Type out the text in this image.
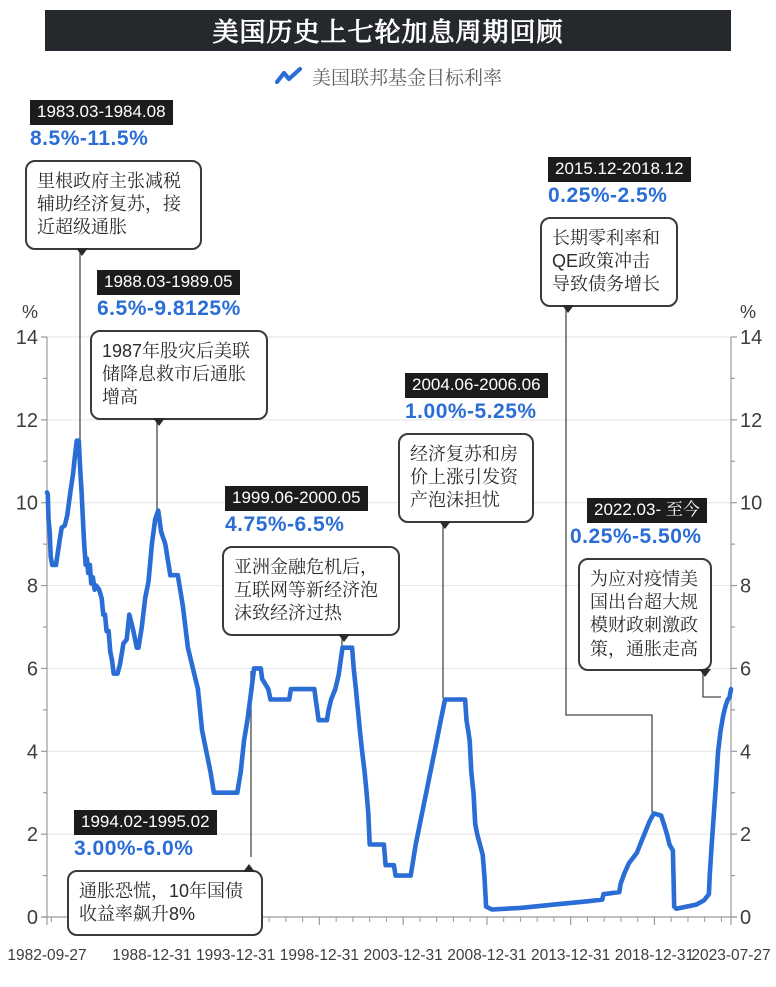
美国历史上七轮加息周期回顾
美国联邦基金目标利率
0	0
2	2
4	4
6	6
8	8
10	10
12	12
14	14
%	%
1982-09-27 1988-12-31 1993-12-31 1998-12-31 2003-12-31 2008-12-31 2013-12-31 2018-12-31
2023-07-27
1983.03-1984.08
8.5%-11.5%
里根政府主张减税辅助经济复苏，接近超级通胀
1988.03-1989.05
6.5%-9.8125%
1987年股灾后美联储降息救市后通胀增高
1994.02-1995.02
3.00%-6.0%
通胀恐慌，10年国债收益率飙升8%
1999.06-2000.05
4.75%-6.5%
亚洲金融危机后，互联网等新经济泡沫致经济过热
2004.06-2006.06
1.00%-5.25%
经济复苏和房价上涨引发资产泡沫担忧
2015.12-2018.12
0.25%-2.5%
长期零利率和QE政策冲击导致债务增长
2022.03- 至今
0.25%-5.50%
为应对疫情美国出台超大规模财政刺激政策，通胀走高
